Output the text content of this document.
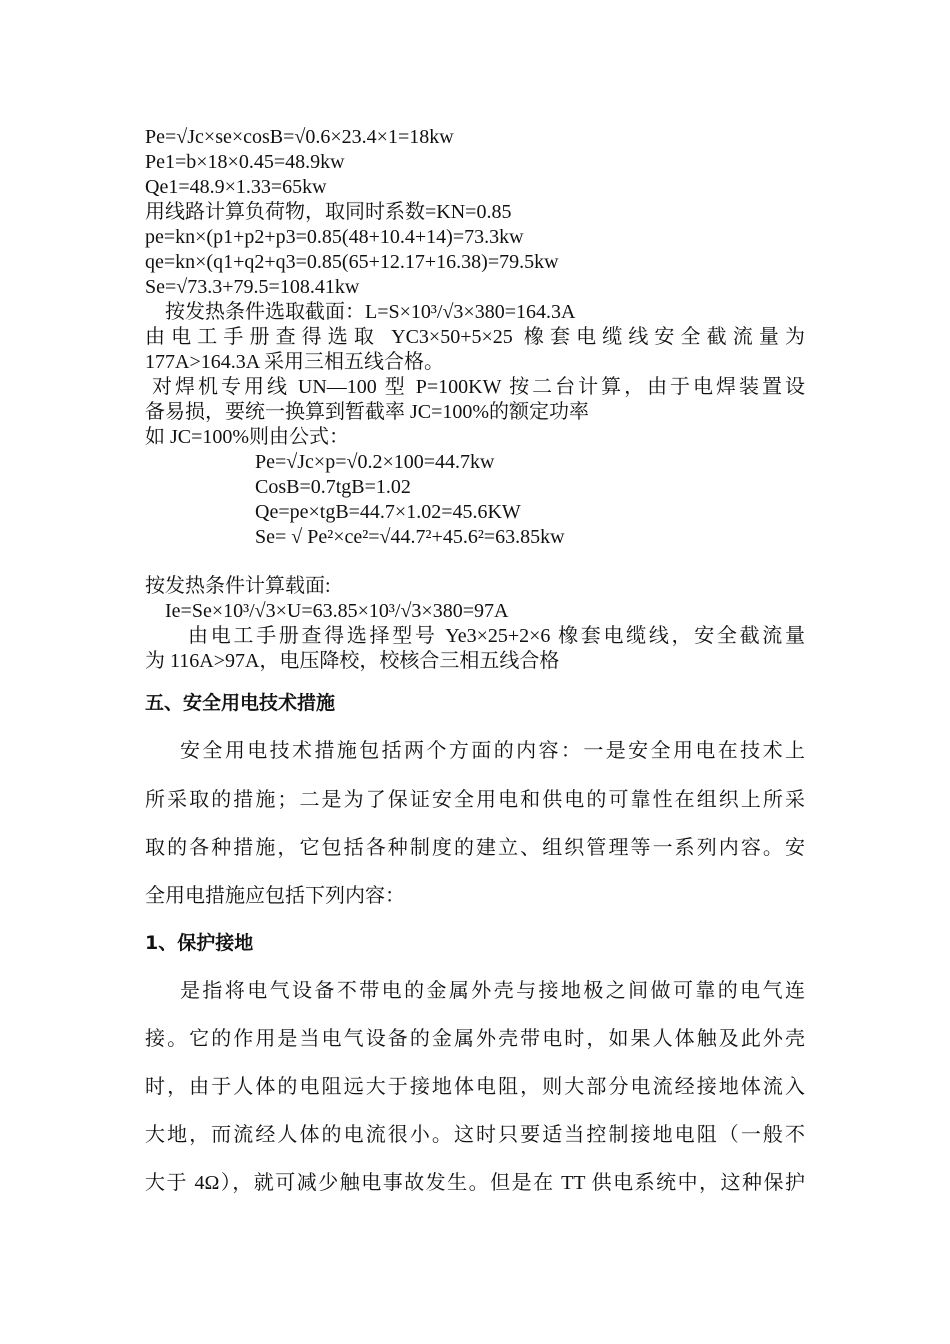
Pe=√Jc×se×cosB=√0.6×23.4×1=18kw
Pe1=b×18×0.45=48.9kw
Qe1=48.9×1.33=65kw
用线路计算负荷物，取同时系数=KN=0.85
pe=kn×(p1+p2+p3=0.85(48+10.4+14)=73.3kw
qe=kn×(q1+q2+q3=0.85(65+12.17+16.38)=79.5kw
Se=√73.3+79.5=108.41kw
按发热条件选取截面：L=S×10³/√3×380=164.3A
由电工手册查得选取 YC3×50+5×25 橡套电缆线安全截流量为
177A>164.3A 采用三相五线合格。
对焊机专用线 UN—100 型 P=100KW 按二台计算，由于电焊装置设
备易损，要统一换算到暂截率 JC=100%的额定功率
如 JC=100%则由公式：
Pe=√Jc×p=√0.2×100=44.7kw
CosB=0.7tgB=1.02
Qe=pe×tgB=44.7×1.02=45.6KW
Se= √ Pe²×ce²=√44.7²+45.6²=63.85kw
按发热条件计算载面:
Ie=Se×10³/√3×U=63.85×10³/√3×380=97A
由电工手册查得选择型号 Ye3×25+2×6 橡套电缆线，安全截流量
为 116A>97A，电压降校，校核合三相五线合格
五、安全用电技术措施
安全用电技术措施包括两个方面的内容：一是安全用电在技术上
所采取的措施；二是为了保证安全用电和供电的可靠性在组织上所采
取的各种措施，它包括各种制度的建立、组织管理等一系列内容。安
全用电措施应包括下列内容：
1、保护接地
是指将电气设备不带电的金属外壳与接地极之间做可靠的电气连
接。它的作用是当电气设备的金属外壳带电时，如果人体触及此外壳
时，由于人体的电阻远大于接地体电阻，则大部分电流经接地体流入
大地，而流经人体的电流很小。这时只要适当控制接地电阻（一般不
大于 4Ω），就可减少触电事故发生。但是在 TT 供电系统中，这种保护
